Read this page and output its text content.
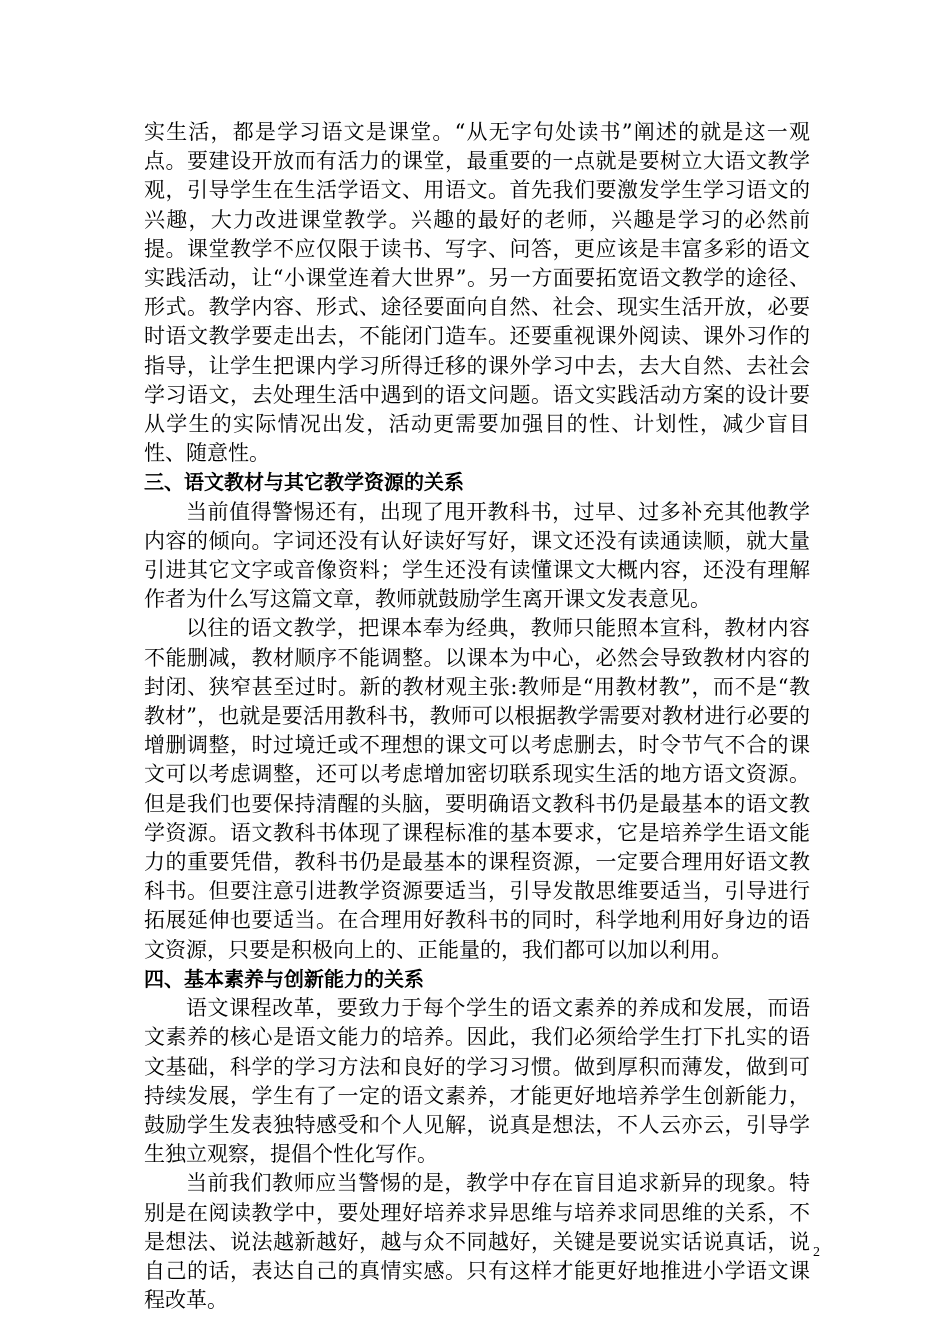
实生活，都是学习语文是课堂。“从无字句处读书”阐述的就是这一观点。要建设开放而有活力的课堂，最重要的一点就是要树立大语文教学观，引导学生在生活学语文、用语文。首先我们要激发学生学习语文的兴趣，大力改进课堂教学。兴趣的最好的老师，兴趣是学习的必然前提。课堂教学不应仅限于读书、写字、问答，更应该是丰富多彩的语文实践活动，让“小课堂连着大世界”。另一方面要拓宽语文教学的途径、形式。教学内容、形式、途径要面向自然、社会、现实生活开放，必要时语文教学要走出去，不能闭门造车。还要重视课外阅读、课外习作的指导，让学生把课内学习所得迁移的课外学习中去，去大自然、去社会学习语文，去处理生活中遇到的语文问题。语文实践活动方案的设计要从学生的实际情况出发，活动更需要加强目的性、计划性，减少盲目性、随意性。

三、语文教材与其它教学资源的关系

当前值得警惕还有，出现了甩开教科书，过早、过多补充其他教学内容的倾向。字词还没有认好读好写好，课文还没有读通读顺，就大量引进其它文字或音像资料；学生还没有读懂课文大概内容，还没有理解作者为什么写这篇文章，教师就鼓励学生离开课文发表意见。

以往的语文教学，把课本奉为经典，教师只能照本宣科，教材内容不能删减，教材顺序不能调整。以课本为中心，必然会导致教材内容的封闭、狭窄甚至过时。新的教材观主张:教师是“用教材教”，而不是“教教材”，也就是要活用教科书，教师可以根据教学需要对教材进行必要的增删调整，时过境迁或不理想的课文可以考虑删去，时令节气不合的课文可以考虑调整，还可以考虑增加密切联系现实生活的地方语文资源。但是我们也要保持清醒的头脑，要明确语文教科书仍是最基本的语文教学资源。语文教科书体现了课程标准的基本要求，它是培养学生语文能力的重要凭借，教科书仍是最基本的课程资源，一定要合理用好语文教科书。但要注意引进教学资源要适当，引导发散思维要适当，引导进行拓展延伸也要适当。在合理用好教科书的同时，科学地利用好身边的语文资源，只要是积极向上的、正能量的，我们都可以加以利用。

四、基本素养与创新能力的关系

语文课程改革，要致力于每个学生的语文素养的养成和发展，而语文素养的核心是语文能力的培养。因此，我们必须给学生打下扎实的语文基础，科学的学习方法和良好的学习习惯。做到厚积而薄发，做到可持续发展，学生有了一定的语文素养，才能更好地培养学生创新能力，鼓励学生发表独特感受和个人见解，说真是想法，不人云亦云，引导学生独立观察，提倡个性化写作。

当前我们教师应当警惕的是，教学中存在盲目追求新异的现象。特别是在阅读教学中，要处理好培养求异思维与培养求同思维的关系，不是想法、说法越新越好，越与众不同越好，关键是要说实话说真话，说自己的话，表达自己的真情实感。只有这样才能更好地推进小学语文课程改革。

2
